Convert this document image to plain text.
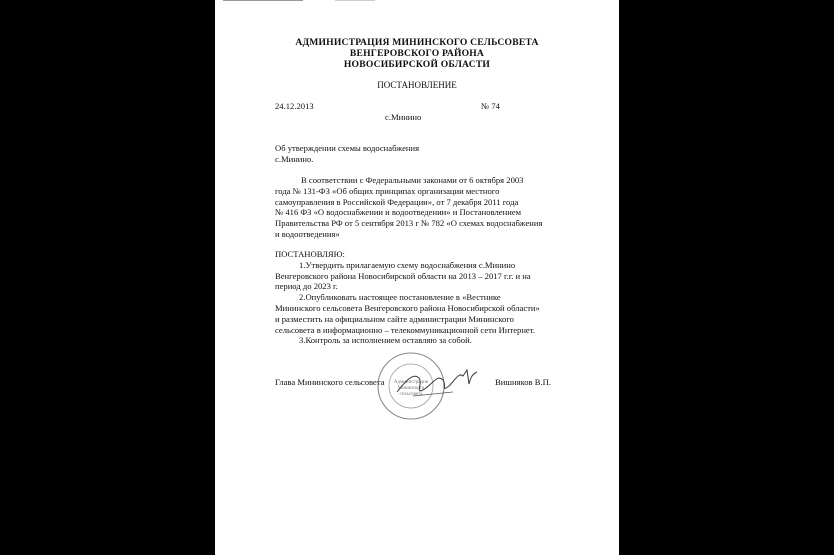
АДМИНИСТРАЦИЯ МИНИНСКОГО СЕЛЬСОВЕТА
ВЕНГЕРОВСКОГО РАЙОНА
НОВОСИБИРСКОЙ ОБЛАСТИ
ПОСТАНОВЛЕНИЕ
24.12.2013	№ 74
с.Минино
Об утверждении схемы водоснабжения
с.Минино.
В соответствии с Федеральными законами от 6 октября 2003
года № 131-ФЗ «Об общих принципах организации местного
самоуправления в Российской Федерации», от 7 декабря 2011 года
№ 416 ФЗ «О водоснабжении и водоотведении» и Постановлением
Правительства РФ от 5 сентября 2013 г № 782 «О схемах водоснабжения
и водоотведения»
ПОСТАНОВЛЯЮ:
1.Утвердить прилагаемую схему водоснабжения с.Минино
Венгеровского района Новосибирской области на 2013 – 2017 г.г. и на
период до 2023 г.
2.Опубликовать настоящее постановление в «Вестнике
Мининского сельсовета Венгеровского района Новосибирской области»
и разместить на официальном сайте администрации Мининского
сельсовета в информационно – телекоммуникационной сети Интернет.
3.Контроль за исполнением оставляю за собой.
Глава Мининского сельсовета	Вишняков В.П.
Администрация
Мининского
сельсовета
